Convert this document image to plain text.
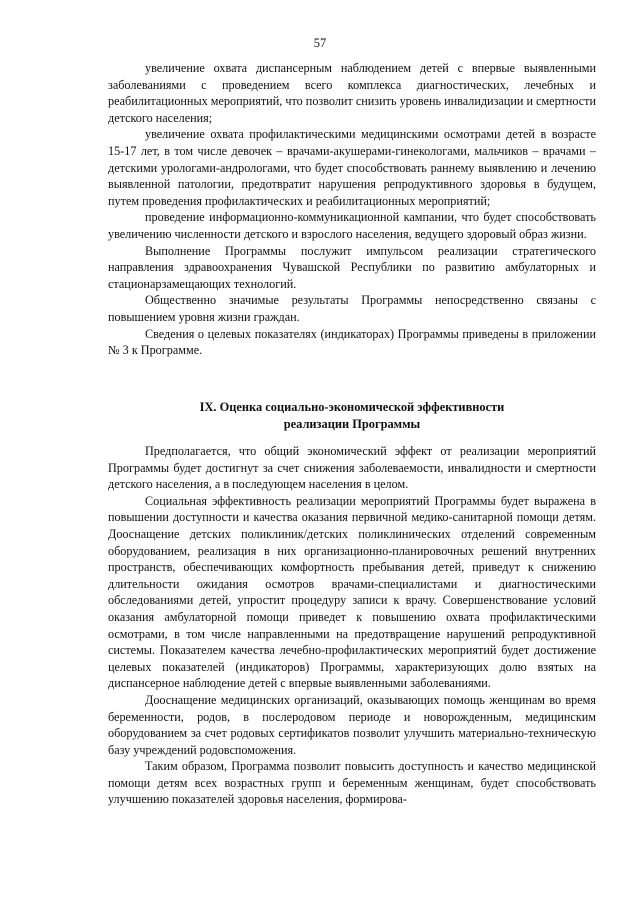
57

увеличение охвата диспансерным наблюдением детей с впервые выявленными заболеваниями с проведением всего комплекса диагностических, лечебных и реабилитационных мероприятий, что позволит снизить уровень инвалидизации и смертности детского населения;

увеличение охвата профилактическими медицинскими осмотрами детей в возрасте 15-17 лет, в том числе девочек – врачами-акушерами-гинекологами, мальчиков – врачами – детскими урологами-андрологами, что будет способствовать раннему выявлению и лечению выявленной патологии, предотвратит нарушения репродуктивного здоровья в будущем, путем проведения профилактических и реабилитационных мероприятий;

проведение информационно-коммуникационной кампании, что будет способствовать увеличению численности детского и взрослого населения, ведущего здоровый образ жизни.

Выполнение Программы послужит импульсом реализации стратегического направления здравоохранения Чувашской Республики по развитию амбулаторных и стационарзамещающих технологий.

Общественно значимые результаты Программы непосредственно связаны с повышением уровня жизни граждан.

Сведения о целевых показателях (индикаторах) Программы приведены в приложении № 3 к Программе.

IX. Оценка социально-экономической эффективности
реализации Программы

Предполагается, что общий экономический эффект от реализации мероприятий Программы будет достигнут за счет снижения заболеваемости, инвалидности и смертности детского населения, а в последующем населения в целом.

Социальная эффективность реализации мероприятий Программы будет выражена в повышении доступности и качества оказания первичной медико-санитарной помощи детям. Дооснащение детских поликлиник/детских поликлинических отделений современным оборудованием, реализация в них организационно-планировочных решений внутренних пространств, обеспечивающих комфортность пребывания детей, приведут к снижению длительности ожидания осмотров врачами-специалистами и диагностическими обследованиями детей, упростит процедуру записи к врачу. Совершенствование условий оказания амбулаторной помощи приведет к повышению охвата профилактическими осмотрами, в том числе направленными на предотвращение нарушений репродуктивной системы. Показателем качества лечебно-профилактических мероприятий будет достижение целевых показателей (индикаторов) Программы, характеризующих долю взятых на диспансерное наблюдение детей с впервые выявленными заболеваниями.

Дооснащение медицинских организаций, оказывающих помощь женщинам во время беременности, родов, в послеродовом периоде и новорожденным, медицинским оборудованием за счет родовых сертификатов позволит улучшить материально-техническую базу учреждений родовспоможения.

Таким образом, Программа позволит повысить доступность и качество медицинской помощи детям всех возрастных групп и беременным женщинам, будет способствовать улучшению показателей здоровья населения, формирова-
